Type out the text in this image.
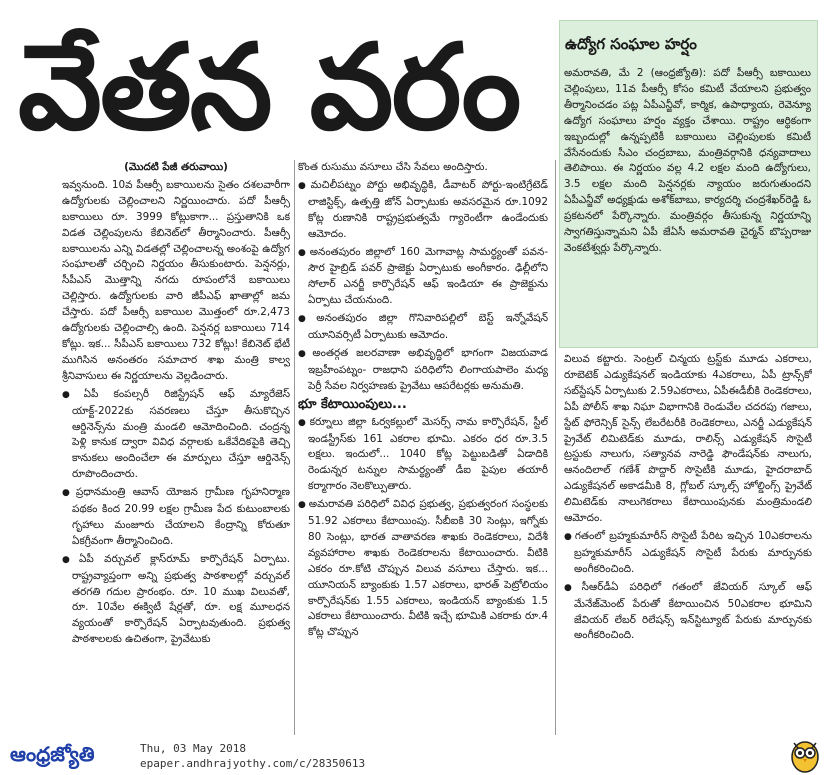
వేతన వరం	ఉద్యోగ సంఘాల హర్షం

అమరావతి, మే 2 (ఆంధ్రజ్యోతి): పదో పీఆర్సీ బకాయిలు చెల్లింపులు, 11వ పీఆర్సీ కోసం కమిటీ వేయాలని ప్రభుత్వం తీర్మానించడం పట్ల ఏపీఎన్జీవో, కార్మిక, ఉపాధ్యాయ, రెవెన్యూ ఉద్యోగ సంఘాలు హర్షం వ్యక్తం చేశాయి. రాష్ట్రం ఆర్థికంగా ఇబ్బందుల్లో ఉన్నప్పటికీ బకాయిలు చెల్లింపులకు కమిటీ వేసేనందుకు సీఎం చంద్రబాబు, మంత్రివర్గానికి ధన్యవాదాలు తెలిపాయి. ఈ నిర్ణయం వల్ల 4.2 లక్షల మంది ఉద్యోగులు, 3.5 లక్షల మంది పెన్షనర్లకు న్యాయం జరుగుతుందని ఏపీఎన్జీవో అధ్యక్షుడు అశోక్‌బాబు, కార్యదర్శి చంద్రశేఖర్‌రెడ్డి ఓ ప్రకటనలో పేర్కొన్నారు. మంత్రివర్గం తీసుకున్న నిర్ణయాన్ని స్వాగతిస్తున్నామని ఏపీ జేఏసీ అమరావతి చైర్మన్ బొప్పరాజు వెంకటేశ్వర్లు పేర్కొన్నారు.

(మొదటి పేజీ తరువాయి)

ఇవ్వనుంది. 10వ పీఆర్సీ బకాయిలను సైతం దశలవారీగా ఉద్యోగులకు చెల్లించాలని నిర్ణయించారు. పదో పీఆర్సీ బకాయిలు రూ. 3999 కోట్లుకాగా... ప్రస్తుతానికి ఒక విడత చెల్లింపులను కేబినెట్‌లో తీర్మానించారు. పీఆర్సీ బకాయిలను ఎన్ని విడతల్లో చెల్లించాలన్న అంశంపై ఉద్యోగ సంఘాలతో చర్చించి నిర్ణయం తీసుకుంటారు. పెన్షనర్లు, సీపీఎస్ మొత్తాన్ని నగదు రూపంలోనే బకాయిలు చెల్లిస్తారు. ఉద్యోగులకు వారి జీపీఎఫ్ ఖాతాల్లో జమ చేస్తారు. పదో పీఆర్సీ బకాయిల మొత్తంలో రూ.2,473 ఉద్యోగులకు చెల్లించాల్సి ఉంది. పెన్షనర్ల బకాయిలు 714 కోట్లు. ఇక... సీపీఎస్ బకాయిలు 732 కోట్లు! కేబినెట్ భేటీ ముగిసిన అనంతరం సమాచార శాఖ మంత్రి కాల్వ శ్రీనివాసులు ఈ నిర్ణయాలను వెల్లడించారు.

● ఏపీ కంపల్సరీ రిజిస్ట్రేషన్ ఆఫ్ మ్యారేజెస్ యాక్ట్-2022కు సవరణలు చేస్తూ తీసుకొచ్చిన ఆర్డినెన్స్‌ను మంత్రి మండలి ఆమోదించింది. చంద్రన్న పెళ్లి కానుక ద్వారా వివిధ వర్గాలకు ఒకేవేదికపైకి తెచ్చి కానుకలు అందించేలా ఈ మార్పులు చేస్తూ ఆర్డినెన్స్ రూపొందించారు.

● ప్రధానమంత్రి ఆవాస్ యోజన గ్రామీణ గృహనిర్మాణ పథకం కింద 20.99 లక్షల గ్రామీణ పేద కుటుంబాలకు గృహాలు మంజూరు చేయాలని కేంద్రాన్ని కోరుతూ ఏకగ్రీవంగా తీర్మానించింది.

● ఏపీ వర్చువల్ క్లాస్‌రూమ్ కార్పొరేషన్ ఏర్పాటు. రాష్ట్రవ్యాప్తంగా అన్ని ప్రభుత్వ పాఠశాలల్లో వర్చువల్ తరగతి గదుల ప్రారంభం. రూ. 10 ముఖ విలువతో, రూ. 10వేల ఈక్విటీ షేర్లతో, రూ. లక్ష మూలధన వ్యయంతో కార్పొరేషన్ ఏర్పాటవుతుంది. ప్రభుత్వ పాఠశాలలకు ఉచితంగా, ప్రైవేటుకు

కొంత రుసుము వసూలు చేసి సేవలు అందిస్తారు.

● మచిలీపట్నం పోర్టు అభివృద్ధికి, డీవాటర్ పోర్టు-ఇంటిగ్రేటెడ్ లాజిస్టిక్స్, ఉత్పత్తి జోన్ ఏర్పాటుకు అవసరమైన రూ.1092 కోట్ల రుణానికి రాష్ట్రప్రభుత్వమే గ్యారెంటీగా ఉండేందుకు ఆమోదం.

● అనంతపురం జిల్లాలో 160 మెగావాట్ల సామర్థ్యంతో పవన-సౌర హైబ్రిడ్ పవర్ ప్రాజెక్టు ఏర్పాటుకు అంగీకారం. ఢిల్లీలోని సోలార్ ఎనర్జీ కార్పొరేషన్ ఆఫ్ ఇండియా ఈ ప్రాజెక్టును ఏర్పాటు చేయనుంది.

● అనంతపురం జిల్లా గొనివారిపల్లిలో బెస్ట్ ఇన్నోవేషన్ యూనివర్సిటీ ఏర్పాటుకు ఆమోదం.

● అంతర్గత జలరవాణా అభివృద్ధిలో భాగంగా విజయవాడ ఇబ్రహీంపట్నం- రాజధాని పరిధిలోని లింగాయపాలెం మధ్య పెర్రీ సేవల నిర్వహణకు ప్రైవేటు ఆపరేటర్లకు అనుమతి.

భూ కేటాయింపులు...

● కర్నూలు జిల్లా ఓర్వకల్లులో మెసర్స్ నామ కార్పొరేషన్, స్టీల్ ఇండస్ట్రీస్‌కు 161 ఎకరాల భూమి. ఎకరం ధర రూ.3.5 లక్షలు. ఇందులో... 1040 కోట్ల పెట్టుబడితో ఏడాదికి రెండున్నర టన్నుల సామర్థ్యంతో డీఐ పైపుల తయారీ కర్మాగారం నెలకొల్పుతారు.

● అమరావతి పరిధిలో వివిధ ప్రభుత్వ, ప్రభుత్వరంగ సంస్థలకు 51.92 ఎకరాలు కేటాయింపు. సీబీఐకి 30 సెంట్లు, ఇగ్నోకు 80 సెంట్లు, భారత వాతావరణ శాఖకు రెండెకరాలు, విదేశీ వ్యవహారాల శాఖకు రెండెకరాలను కేటాయించారు. వీటికి ఎకరం రూ.కోటి చొప్పున విలువ వసూలు చేస్తారు. ఇక... యూనియన్ బ్యాంకుకు 1.57 ఎకరాలు, భారత్ పెట్రోలియం కార్పొరేషన్‌కు 1.55 ఎకరాలు, ఇండియన్ బ్యాంకుకు 1.5 ఎకరాలు కేటాయించారు. వీటికి ఇచ్చే భూమికి ఎకరాకు రూ.4 కోట్ల చొప్పున

విలువ కట్టారు. సెంట్రల్ చిన్మయ ట్రస్ట్‌కు మూడు ఎకరాలు, రూబెటెక్ ఎడ్యుకేషనల్ ఇండియాకు 4ఎకరాలు, ఏపీ ట్రాన్స్‌కో సబ్‌స్టేషన్ ఏర్పాటుకు 2.59ఎకరాలు, ఏపీఈడీబీకి రెండెకరాలు, ఏపీ పోలీస్ శాఖ నిఘా విభాగానికి రెండువేల చదరపు గజాలు, స్టేట్ ఫోరెన్సిక్ సైన్స్ లేబరేటరీకి రెండెకరాలు, ఎనర్జీ ఎడ్యుకేషన్ ప్రైవేట్ లిమిటెడ్‌కు మూడు, రాలిన్స్ ఎడ్యుకేషన్ సొసైటీ ట్రస్టుకు నాలుగు, సత్యానవ నారెడ్డి ఫౌండేషన్‌కు నాలుగు, ఆనందిలాల్ గణేశ్ పొద్దార్ సొసైటీకి మూడు, హైదరాబాద్ ఎడ్యుకేషనల్ అకాడమీకి 8, గ్లోబల్ స్కూల్స్ హోల్డింగ్స్ ప్రైవేట్ లిమిటెడ్‌కు నాలుగెకరాలు కేటాయింపునకు మంత్రిమండలి ఆమోదం.

● గతంలో బ్రహ్మకుమారీస్ సొసైటీ పేరిట ఇచ్చిన 10ఎకరాలను బ్రహ్మకుమారీస్ ఎడ్యుకేషన్ సొసైటీ పేరుకు మార్పునకు అంగీకరించింది.

● సీఆర్‌డీఏ పరిధిలో గతంలో జేవియర్ స్కూల్ ఆఫ్ మేనేజ్‌మెంట్ పేరుతో కేటాయించిన 50ఎకరాల భూమిని జేవియర్ లేబర్ రిలేషన్స్ ఇన్‌స్టిట్యూట్ పేరుకు మార్పునకు అంగీకరించింది.

ఆంధ్రజ్యోతి	Thu, 03 May 2018
epaper.andhrajyothy.com/c/28350613
